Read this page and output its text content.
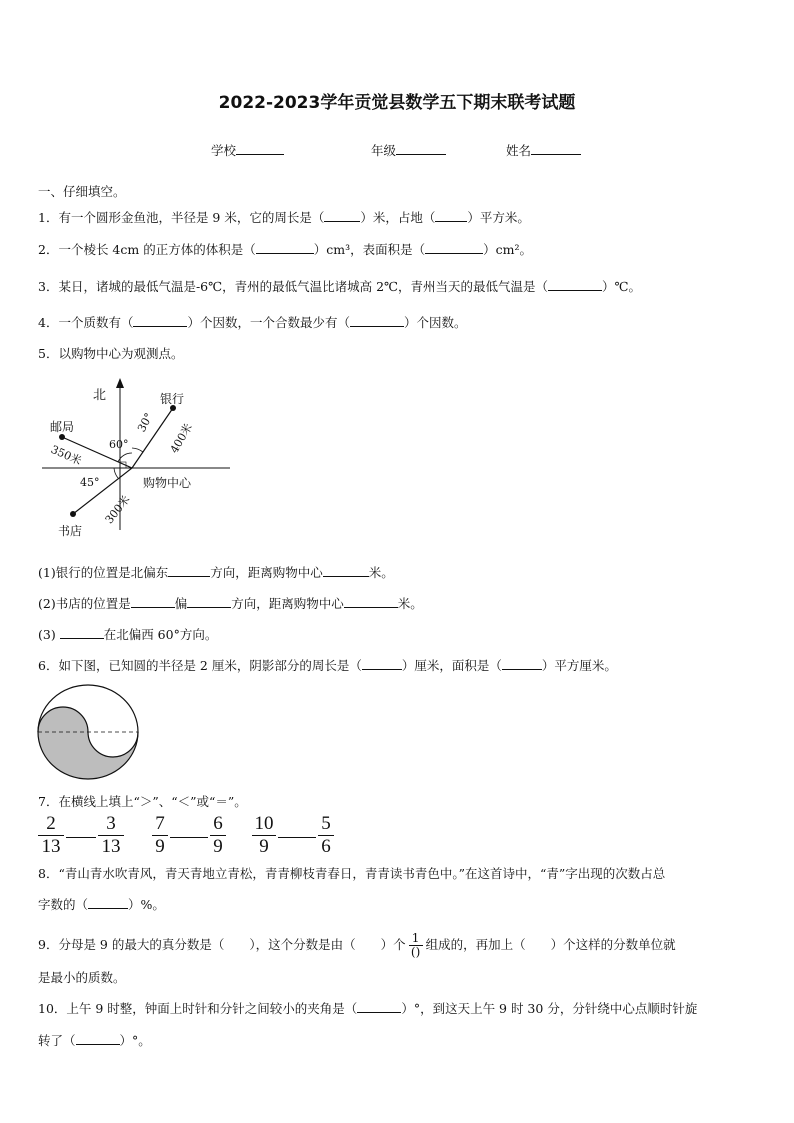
2022-2023学年贡觉县数学五下期末联考试题
学校	年级	姓名
一、仔细填空。
1．有一个圆形金鱼池，半径是 9 米，它的周长是（	）米，占地（	）平方米。
2．一个棱长 4cm 的正方体的体积是（	）cm³，表面积是（	）cm²。
3．某日，诸城的最低气温是-6℃，青州的最低气温比诸城高 2℃，青州当天的最低气温是（	）℃。
4．一个质数有（	）个因数，一个合数最少有（	）个因数。
5．以购物中心为观测点。
北	银行
邮局
购物中心
书店
30°
60°
45°
400米
350米
300米
(1)银行的位置是北偏东	方向，距离购物中心	米。
(2)书店的位置是	偏	方向，距离购物中心	米。
(3)	在北偏西 60°方向。
6．如下图，已知圆的半径是 2 厘米，阴影部分的周长是（	）厘米，面积是（	）平方厘米。
7．在横线上填上“＞”、“＜”或“＝”。
2
13
3
13
7
9
6
9
10
9
5
6
8．“青山青水吹青风，青天青地立青松，青青柳枝青春日，青青读书青色中。”在这首诗中，“青”字出现的次数占总
字数的（	）%。
9．分母是 9 的最大的真分数是（　　），这个分数是由（　　）个 1
() 组成的，再加上（　　）个这样的分数单位就
是最小的质数。
10．上午 9 时整，钟面上时针和分针之间较小的夹角是（	）°，到这天上午 9 时 30 分，分针绕中心点顺时针旋
转了（	）°。
